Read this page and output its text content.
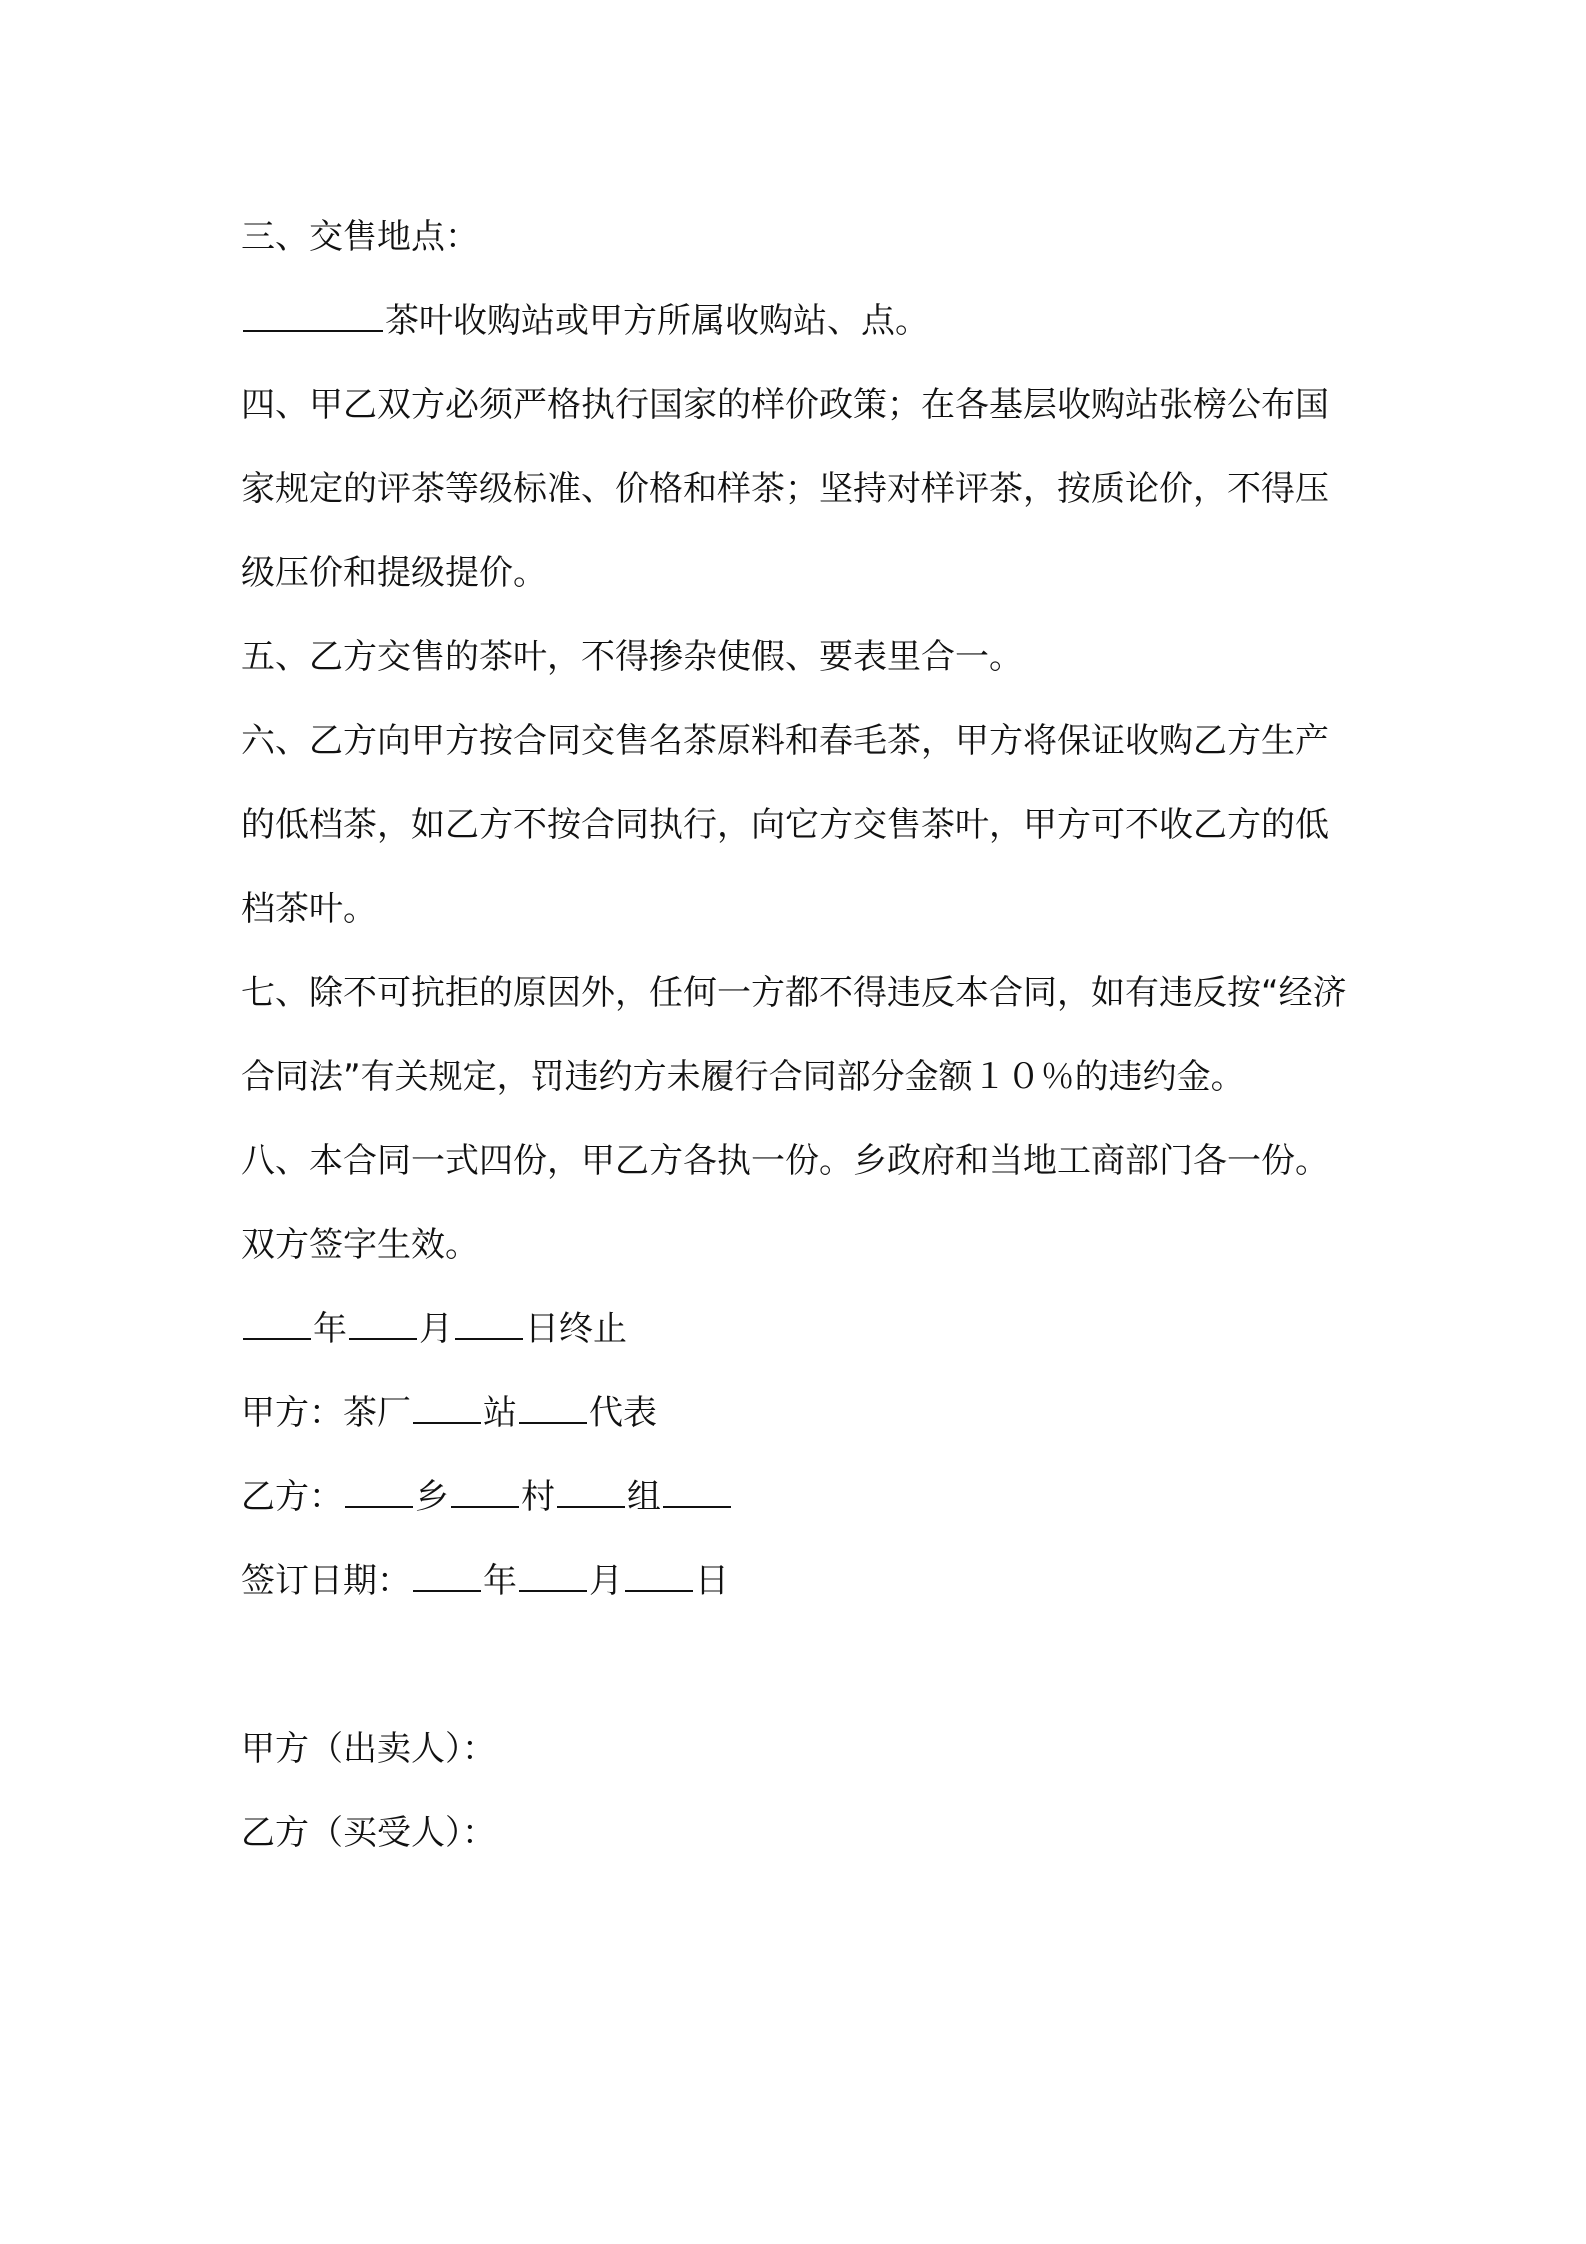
三、交售地点：
茶叶收购站或甲方所属收购站、点。
四、甲乙双方必须严格执行国家的样价政策；在各基层收购站张榜公布国家规定的评茶等级标准、价格和样茶；坚持对样评茶，按质论价，不得压级压价和提级提价。
五、乙方交售的茶叶，不得掺杂使假、要表里合一。
六、乙方向甲方按合同交售名茶原料和春毛茶，甲方将保证收购乙方生产的低档茶，如乙方不按合同执行，向它方交售茶叶，甲方可不收乙方的低档茶叶。
七、除不可抗拒的原因外，任何一方都不得违反本合同，如有违反按“经济合同法”有关规定，罚违约方未履行合同部分金额１０％的违约金。
八、本合同一式四份，甲乙方各执一份。乡政府和当地工商部门各一份。
双方签字生效。
年 月 日终止
甲方：茶厂 站 代表
乙方： 乡 村 组
签订日期： 年 月 日
甲方（出卖人）：
乙方（买受人）：
